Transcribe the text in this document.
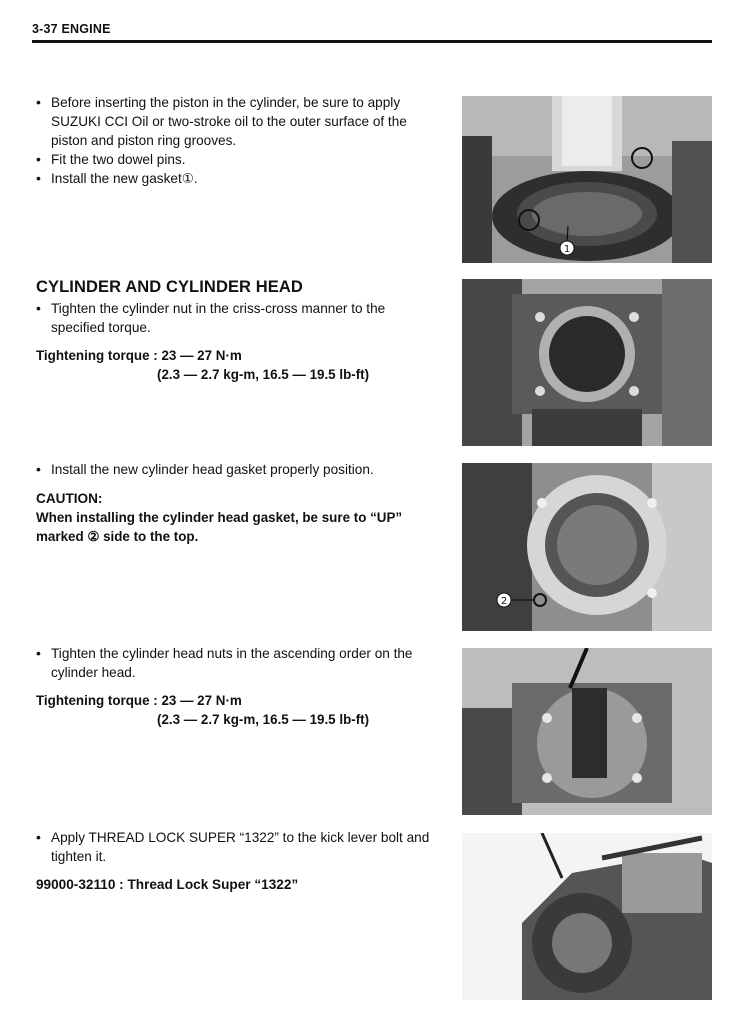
3-37 ENGINE
• Before inserting the piston in the cylinder, be sure to apply SUZUKI CCI Oil or two-stroke oil to the outer surface of the piston and piston ring grooves.
• Fit the two dowel pins.
• Install the new gasket①.
1
CYLINDER AND CYLINDER HEAD
• Tighten the cylinder nut in the criss-cross manner to the specified torque.
Tightening torque : 23 — 27 N·m
(2.3 — 2.7 kg-m, 16.5 — 19.5 lb-ft)
• Install the new cylinder head gasket properly position.
CAUTION:
When installing the cylinder head gasket, be sure to “UP” marked ② side to the top.
2
• Tighten the cylinder head nuts in the ascending order on the cylinder head.
Tightening torque : 23 — 27 N·m
(2.3 — 2.7 kg-m, 16.5 — 19.5 lb-ft)
• Apply THREAD LOCK SUPER “1322” to the kick lever bolt and tighten it.
99000-32110 : Thread Lock Super “1322”
